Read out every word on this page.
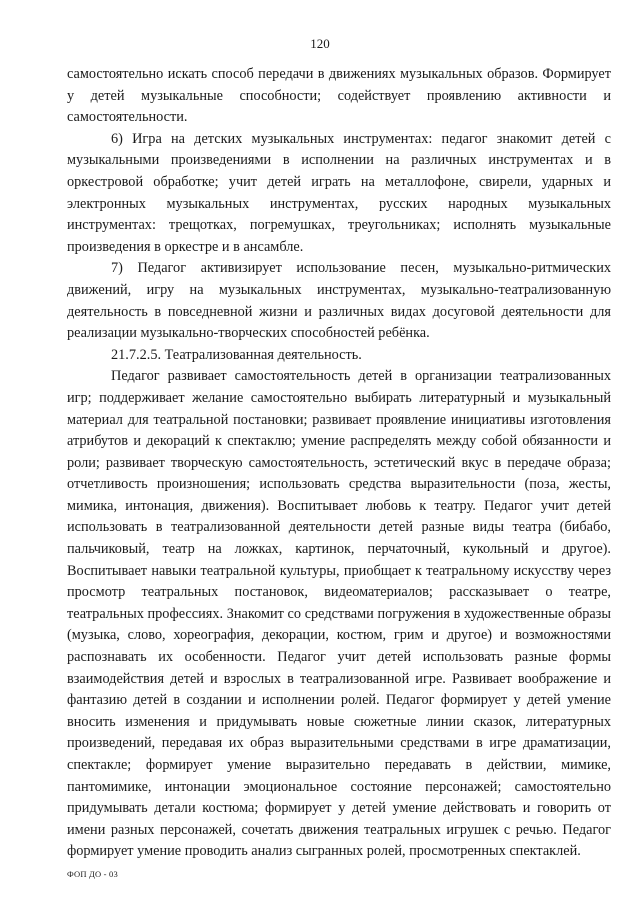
120

самостоятельно искать способ передачи в движениях музыкальных образов. Формирует у детей музыкальные способности; содействует проявлению активности и самостоятельности.

6) Игра на детских музыкальных инструментах: педагог знакомит детей с музыкальными произведениями в исполнении на различных инструментах и в оркестровой обработке; учит детей играть на металлофоне, свирели, ударных и электронных музыкальных инструментах, русских народных музыкальных инструментах: трещотках, погремушках, треугольниках; исполнять музыкальные произведения в оркестре и в ансамбле.

7) Педагог активизирует использование песен, музыкально-ритмических движений, игру на музыкальных инструментах, музыкально-театрализованную деятельность в повседневной жизни и различных видах досуговой деятельности для реализации музыкально-творческих способностей ребёнка.

21.7.2.5. Театрализованная деятельность.

Педагог развивает самостоятельность детей в организации театрализованных игр; поддерживает желание самостоятельно выбирать литературный и музыкальный материал для театральной постановки; развивает проявление инициативы изготовления атрибутов и декораций к спектаклю; умение распределять между собой обязанности и роли; развивает творческую самостоятельность, эстетический вкус в передаче образа; отчетливость произношения; использовать средства выразительности (поза, жесты, мимика, интонация, движения). Воспитывает любовь к театру. Педагог учит детей использовать в театрализованной деятельности детей разные виды театра (бибабо, пальчиковый, театр на ложках, картинок, перчаточный, кукольный и другое). Воспитывает навыки театральной культуры, приобщает к театральному искусству через просмотр театральных постановок, видеоматериалов; рассказывает о театре, театральных профессиях. Знакомит со средствами погружения в художественные образы (музыка, слово, хореография, декорации, костюм, грим и другое) и возможностями распознавать их особенности. Педагог учит детей использовать разные формы взаимодействия детей и взрослых в театрализованной игре. Развивает воображение и фантазию детей в создании и исполнении ролей. Педагог формирует у детей умение вносить изменения и придумывать новые сюжетные линии сказок, литературных произведений, передавая их образ выразительными средствами в игре драматизации, спектакле; формирует умение выразительно передавать в действии, мимике, пантомимике, интонации эмоциональное состояние персонажей; самостоятельно придумывать детали костюма; формирует у детей умение действовать и говорить от имени разных персонажей, сочетать движения театральных игрушек с речью. Педагог формирует умение проводить анализ сыгранных ролей, просмотренных спектаклей.

ФОП ДО - 03
